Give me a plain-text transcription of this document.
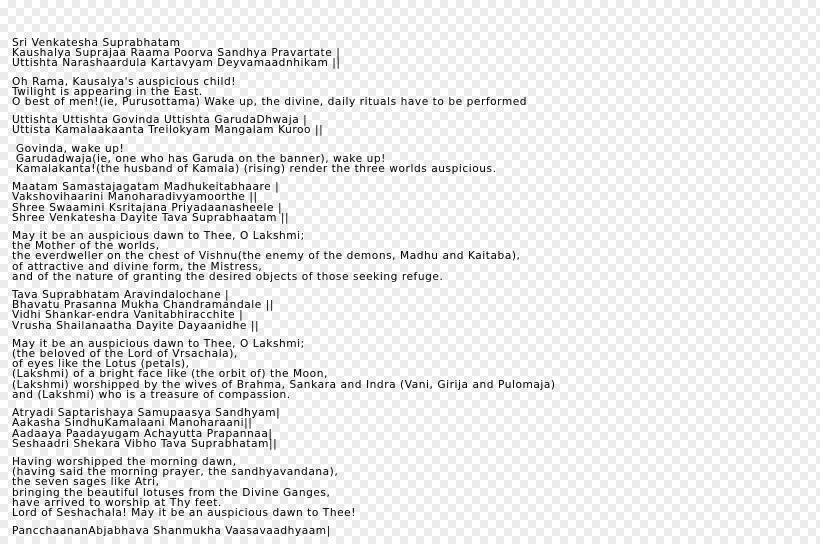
Sri Venkatesha Suprabhatam
Kaushalya Suprajaa Raama Poorva Sandhya Pravartate |
Uttishta Narashaardula Kartavyam Deyvamaadnhikam ||
Oh Rama, Kausalya's auspicious child!
Twilight is appearing in the East.
O best of men!(ie, Purusottama) Wake up, the divine, daily rituals have to be performed
Uttishta Uttishta Govinda Uttishta GarudaDhwaja |
Uttista Kamalaakaanta Treilokyam Mangalam Kuroo ||
Govinda, wake up!
Garudadwaja(ie, one who has Garuda on the banner), wake up!
Kamalakanta!(the husband of Kamala) (rising) render the three worlds auspicious.
Maatam Samastajagatam Madhukeitabhaare |
Vakshovihaarini Manoharadivyamoorthe ||
Shree Swaamini Ksritajana Priyadaanasheele |
Shree Venkatesha Dayite Tava Suprabhaatam ||
May it be an auspicious dawn to Thee, O Lakshmi;
the Mother of the worlds,
the everdweller on the chest of Vishnu(the enemy of the demons, Madhu and Kaitaba),
of attractive and divine form, the Mistress,
and of the nature of granting the desired objects of those seeking refuge.
Tava Suprabhatam Aravindalochane |
Bhavatu Prasanna Mukha Chandramandale ||
Vidhi Shankar-endra Vanitabhiracchite |
Vrusha Shailanaatha Dayite Dayaanidhe ||
May it be an auspicious dawn to Thee, O Lakshmi;
(the beloved of the Lord of Vrsachala),
of eyes like the Lotus (petals),
(Lakshmi) of a bright face like (the orbit of) the Moon,
(Lakshmi) worshipped by the wives of Brahma, Sankara and Indra (Vani, Girija and Pulomaja)
and (Lakshmi) who is a treasure of compassion.
Atryadi Saptarishaya Samupaasya Sandhyam|
Aakasha SindhuKamalaani Manoharaani||
Aadaaya Paadayugam Achayutta Prapannaa|
Seshaadri Shekara Vibho Tava Suprabhatam||
Having worshipped the morning dawn,
(having said the morning prayer, the sandhyavandana),
the seven sages like Atri,
bringing the beautiful lotuses from the Divine Ganges,
have arrived to worship at Thy feet.
Lord of Seshachala! May it be an auspicious dawn to Thee!
PancchaananAbjabhava Shanmukha Vaasavaadhyaam|
